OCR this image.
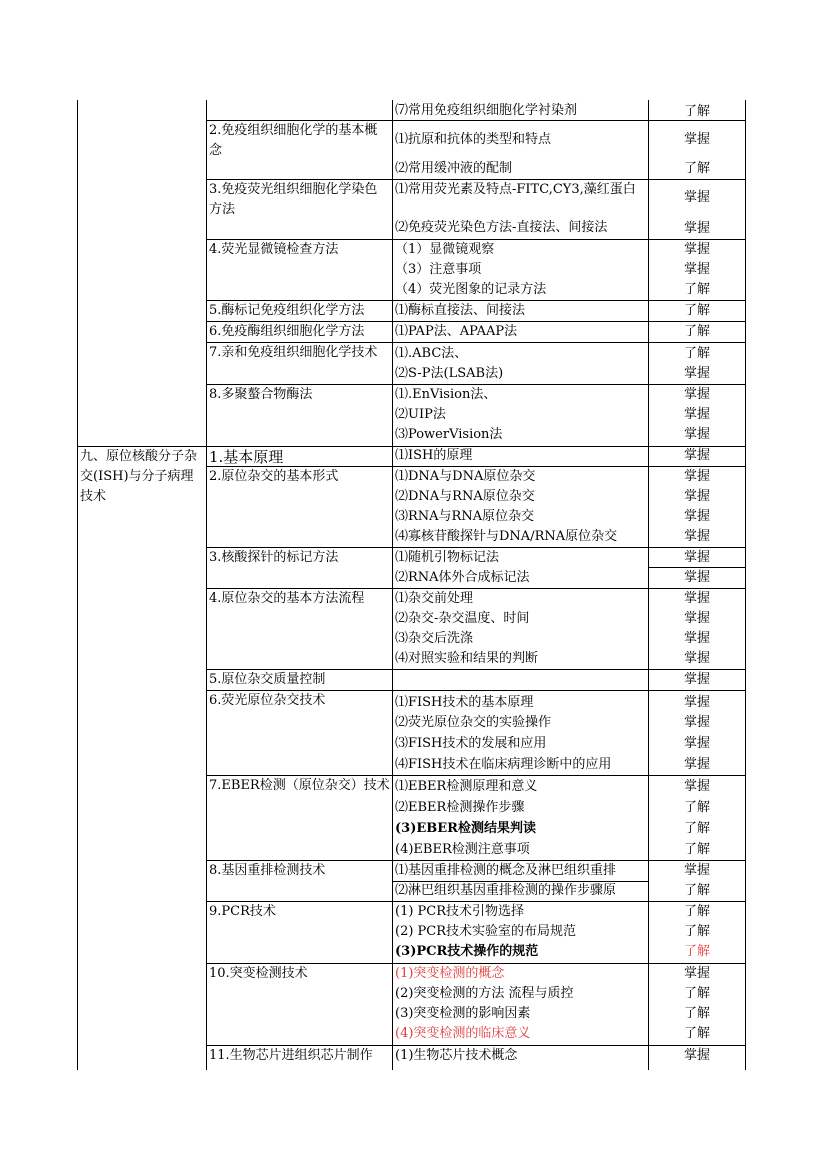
九、原位核酸分子杂交(ISH)与分子病理技术
2.免疫组织细胞化学的基本概念
3.免疫荧光组织细胞化学染色方法
4.荧光显微镜检查方法
5.酶标记免疫组织化学方法
6.免疫酶组织细胞化学方法
7.亲和免疫组织细胞化学技术
8.多聚螯合物酶法
1.基本原理
2.原位杂交的基本形式
3.核酸探针的标记方法
4.原位杂交的基本方法流程
5.原位杂交质量控制
6.荧光原位杂交技术
7.EBER检测（原位杂交）技术
8.基因重排检测技术
9.PCR技术
10.突变检测技术
11.生物芯片进组织芯片制作
⑺常用免疫组织细胞化学衬染剂
⑴抗原和抗体的类型和特点
⑵常用缓冲液的配制
⑴常用荧光素及特点-FITC,CY3,藻红蛋白
⑵免疫荧光染色方法-直接法、间接法
（1）显微镜观察
（3）注意事项
（4）荧光图象的记录方法
⑴酶标直接法、间接法
⑴PAP法、APAAP法
⑴.ABC法、
⑵S-P法(LSAB法)
⑴.EnVision法、
⑵UIP法
⑶PowerVision法
⑴ISH的原理
⑴DNA与DNA原位杂交
⑵DNA与RNA原位杂交
⑶RNA与RNA原位杂交
⑷寡核苷酸探针与DNA/RNA原位杂交
⑴随机引物标记法
⑵RNA体外合成标记法
⑴杂交前处理
⑵杂交-杂交温度、时间
⑶杂交后洗涤
⑷对照实验和结果的判断
⑴FISH技术的基本原理
⑵荧光原位杂交的实验操作
⑶FISH技术的发展和应用
⑷FISH技术在临床病理诊断中的应用
⑴EBER检测原理和意义
⑵EBER检测操作步骤
(3)EBER检测结果判读
(4)EBER检测注意事项
⑴基因重排检测的概念及淋巴组织重排
⑵淋巴组织基因重排检测的操作步骤原
(1) PCR技术引物选择
(2) PCR技术实验室的布局规范
(3)PCR技术操作的规范
(1)突变检测的概念
(2)突变检测的方法 流程与质控
(3)突变检测的影响因素
(4)突变检测的临床意义
(1)生物芯片技术概念
了解
掌握
了解
掌握
掌握
掌握
掌握
了解
了解
了解
了解
掌握
掌握
掌握
掌握
掌握
掌握
掌握
掌握
掌握
掌握
掌握
掌握
掌握
掌握
掌握
掌握
掌握
掌握
掌握
掌握
掌握
了解
了解
了解
掌握
了解
了解
了解
了解
掌握
了解
了解
了解
掌握
